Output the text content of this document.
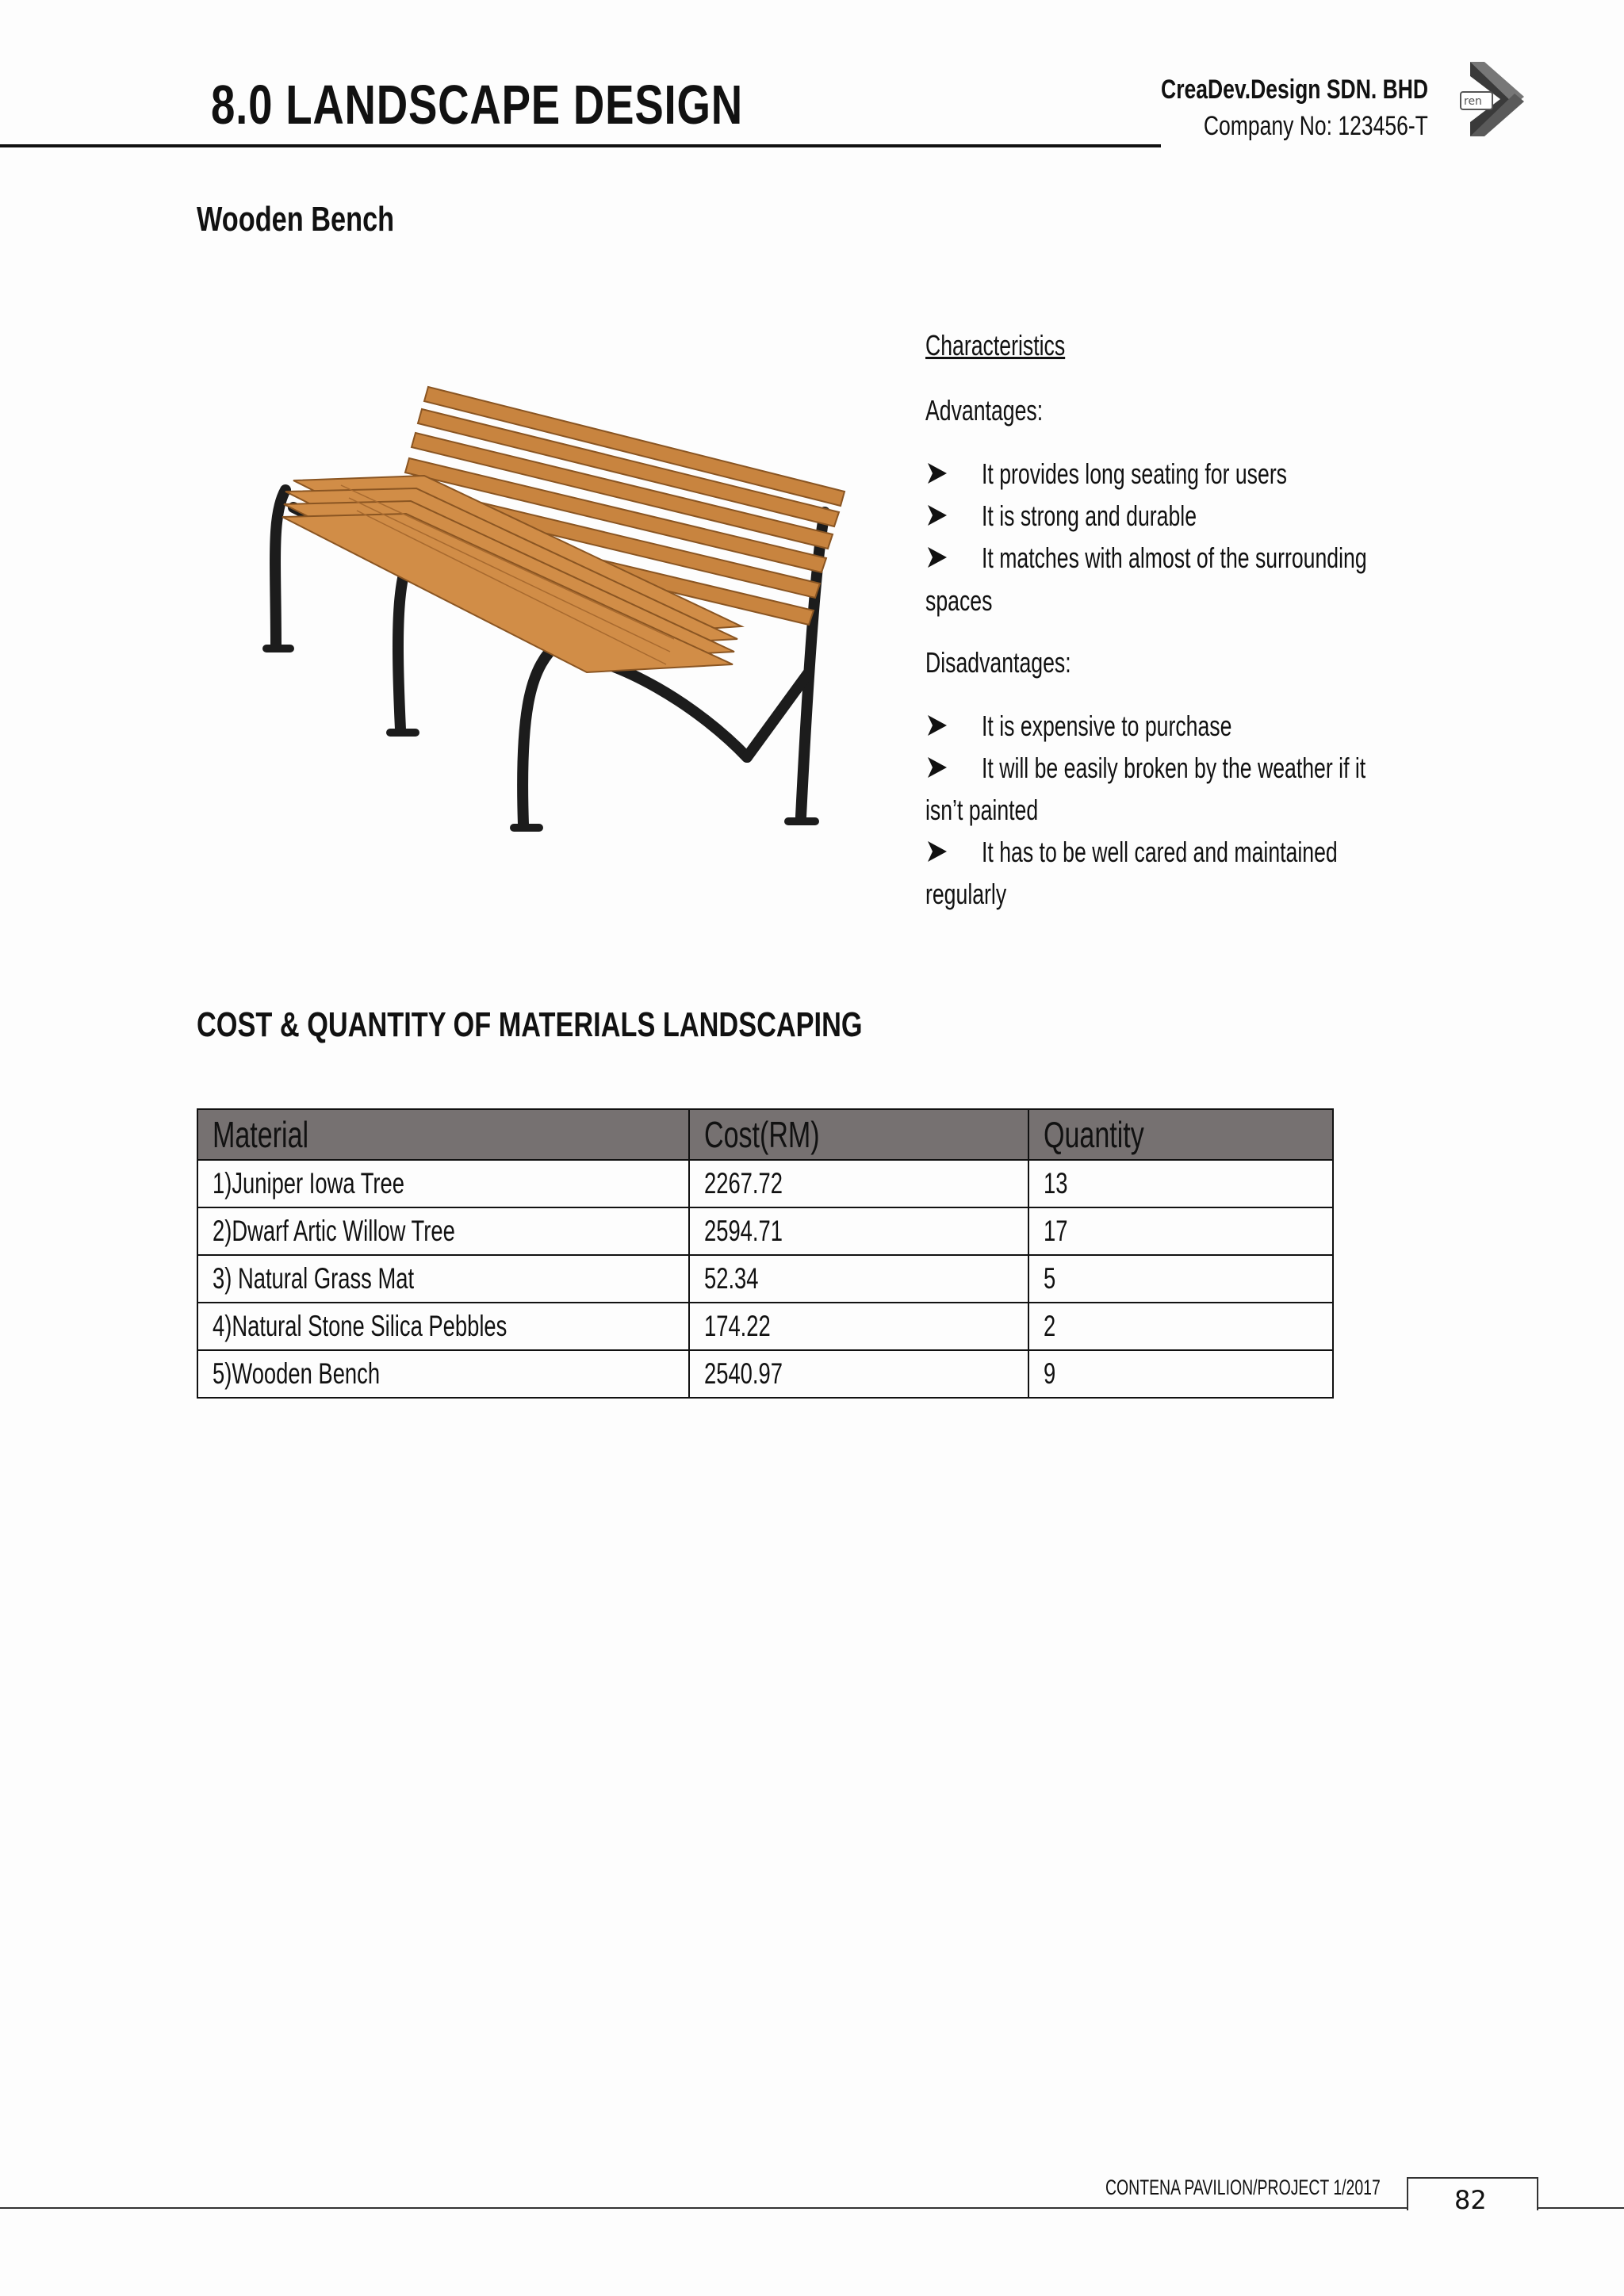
8.0 LANDSCAPE DESIGN	CreaDev.Design SDN. BHD
Company No: 123456-T
ren
Wooden Bench
Characteristics
Advantages:
It provides long seating for users
It is strong and durable
It matches with almost of the surrounding
spaces
Disadvantages:
It is expensive to purchase
It will be easily broken by the weather if it
isn’t painted
It has to be well cared and maintained
regularly
COST & QUANTITY OF MATERIALS LANDSCAPING
Material	Cost(RM)	Quantity
1)Juniper Iowa Tree	2267.72	13
2)Dwarf Artic Willow Tree	2594.71	17
3) Natural Grass Mat	52.34	5
4)Natural Stone Silica Pebbles	174.22	2
5)Wooden Bench	2540.97	9
CONTENA PAVILION/PROJECT 1/2017	82
